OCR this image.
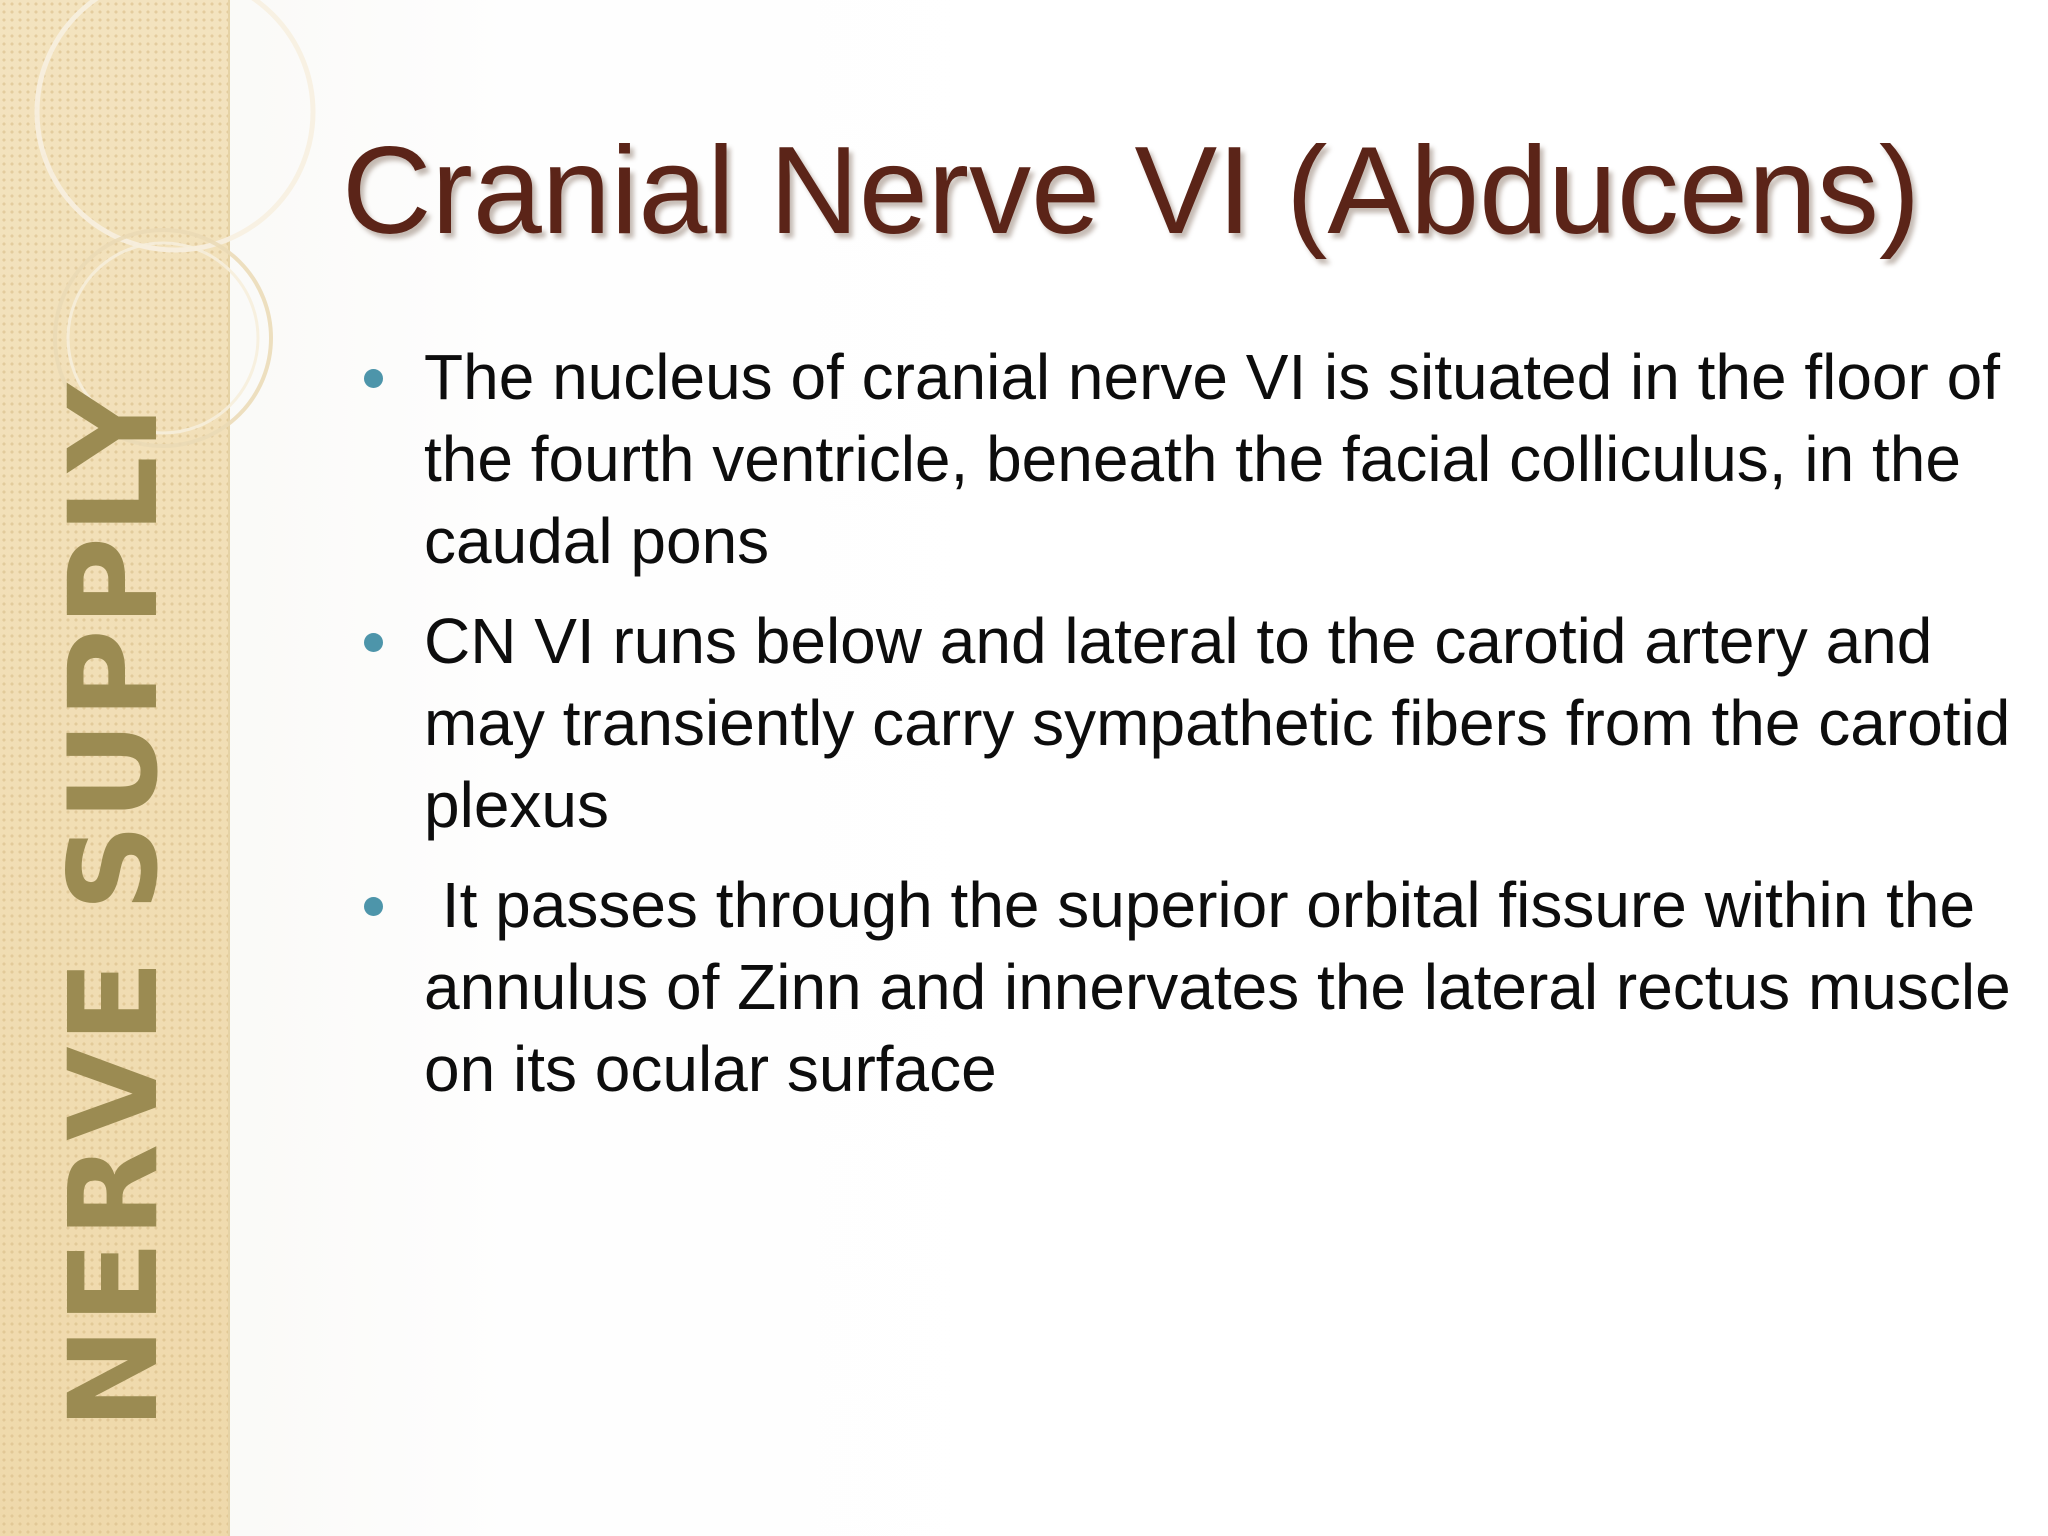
NERVE SUPPLY
Cranial Nerve VI (Abducens)
The nucleus of cranial nerve VI is situated in the floor of the fourth ventricle, beneath the facial colliculus, in the caudal pons
CN VI runs below and lateral to the carotid artery and may transiently carry sympathetic fibers from the carotid plexus
It passes through the superior orbital fissure within the annulus of Zinn and innervates the lateral rectus muscle on its ocular surface
